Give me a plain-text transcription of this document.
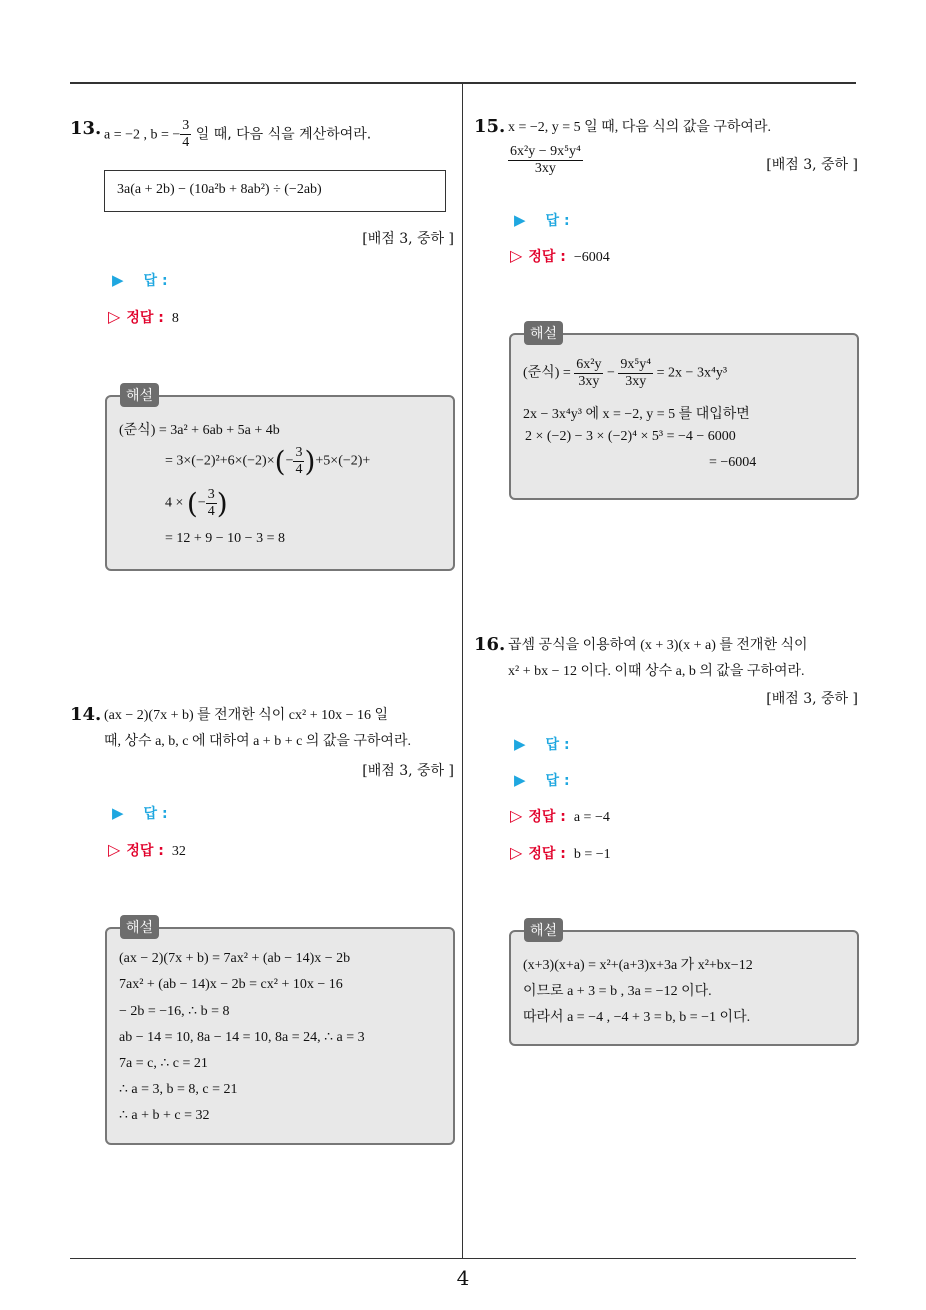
4
13. a = −2 , b = − $\frac{3}{4}$ 일 때, 다음 식을 계산하여라.
3a(a + 2b) − (10a²b + 8ab²) ÷ (−2ab)
[배점 3, 중하 ]
▶ 답 :
▷ 정답 : 8
(준식) = 3a² + 6ab + 5a + 4b
= $3\times(-2)^2+6\times(-2)\times(- \frac{3}{4} )+5\times(-2)+$
4 × (− $\frac{3}{4}$ )
= 12 + 9 − 10 − 3 = 8
해설
14. (ax − 2)(7x + b) 를 전개한 식이 cx² + 10x − 16 일
때, 상수 a, b, c 에 대하여 a + b + c 의 값을 구하여라.
[배점 3, 중하 ]
▶ 답 :
▷ 정답 : 32
(ax − 2)(7x + b) = 7ax² + (ab − 14)x − 2b
7ax² + (ab − 14)x − 2b = cx² + 10x − 16
− 2b = −16, ∴ b = 8
ab − 14 = 10, 8a − 14 = 10, 8a = 24, ∴ a = 3
7a = c, ∴ c = 21
∴ a = 3, b = 8, c = 21
∴ a + b + c = 32
해설
15. x = −2, y = 5 일 때, 다음 식의 값을 구하여라.
$\frac{\text{6x²y − 9x⁵y⁴}}{3xy}$	[배점 3, 중하 ]
▶ 답 :
▷ 정답 : −6004
(준식) = $\frac{\text{6x²y}}{3xy} - \frac{\text{9x⁵y⁴}}{3xy} = 2x - 3x^4y^3$
2x − 3x⁴y³ 에 x = −2, y = 5 를 대입하면
2 × (−2) − 3 × (−2)⁴ × 5³ = −4 − 6000
= −6004
해설
16. 곱셈 공식을 이용하여 (x + 3)(x + a) 를 전개한 식이
x² + bx − 12 이다. 이때 상수 a, b 의 값을 구하여라.
[배점 3, 중하 ]
▶ 답 :
▶ 답 :
▷ 정답 : a = −4
▷ 정답 : b = −1
(x+3)(x+a) = x²+(a+3)x+3a 가 x²+bx−12
이므로 a + 3 = b , 3a = −12 이다.
따라서 a = −4 , −4 + 3 = b, b = −1 이다.
해설
